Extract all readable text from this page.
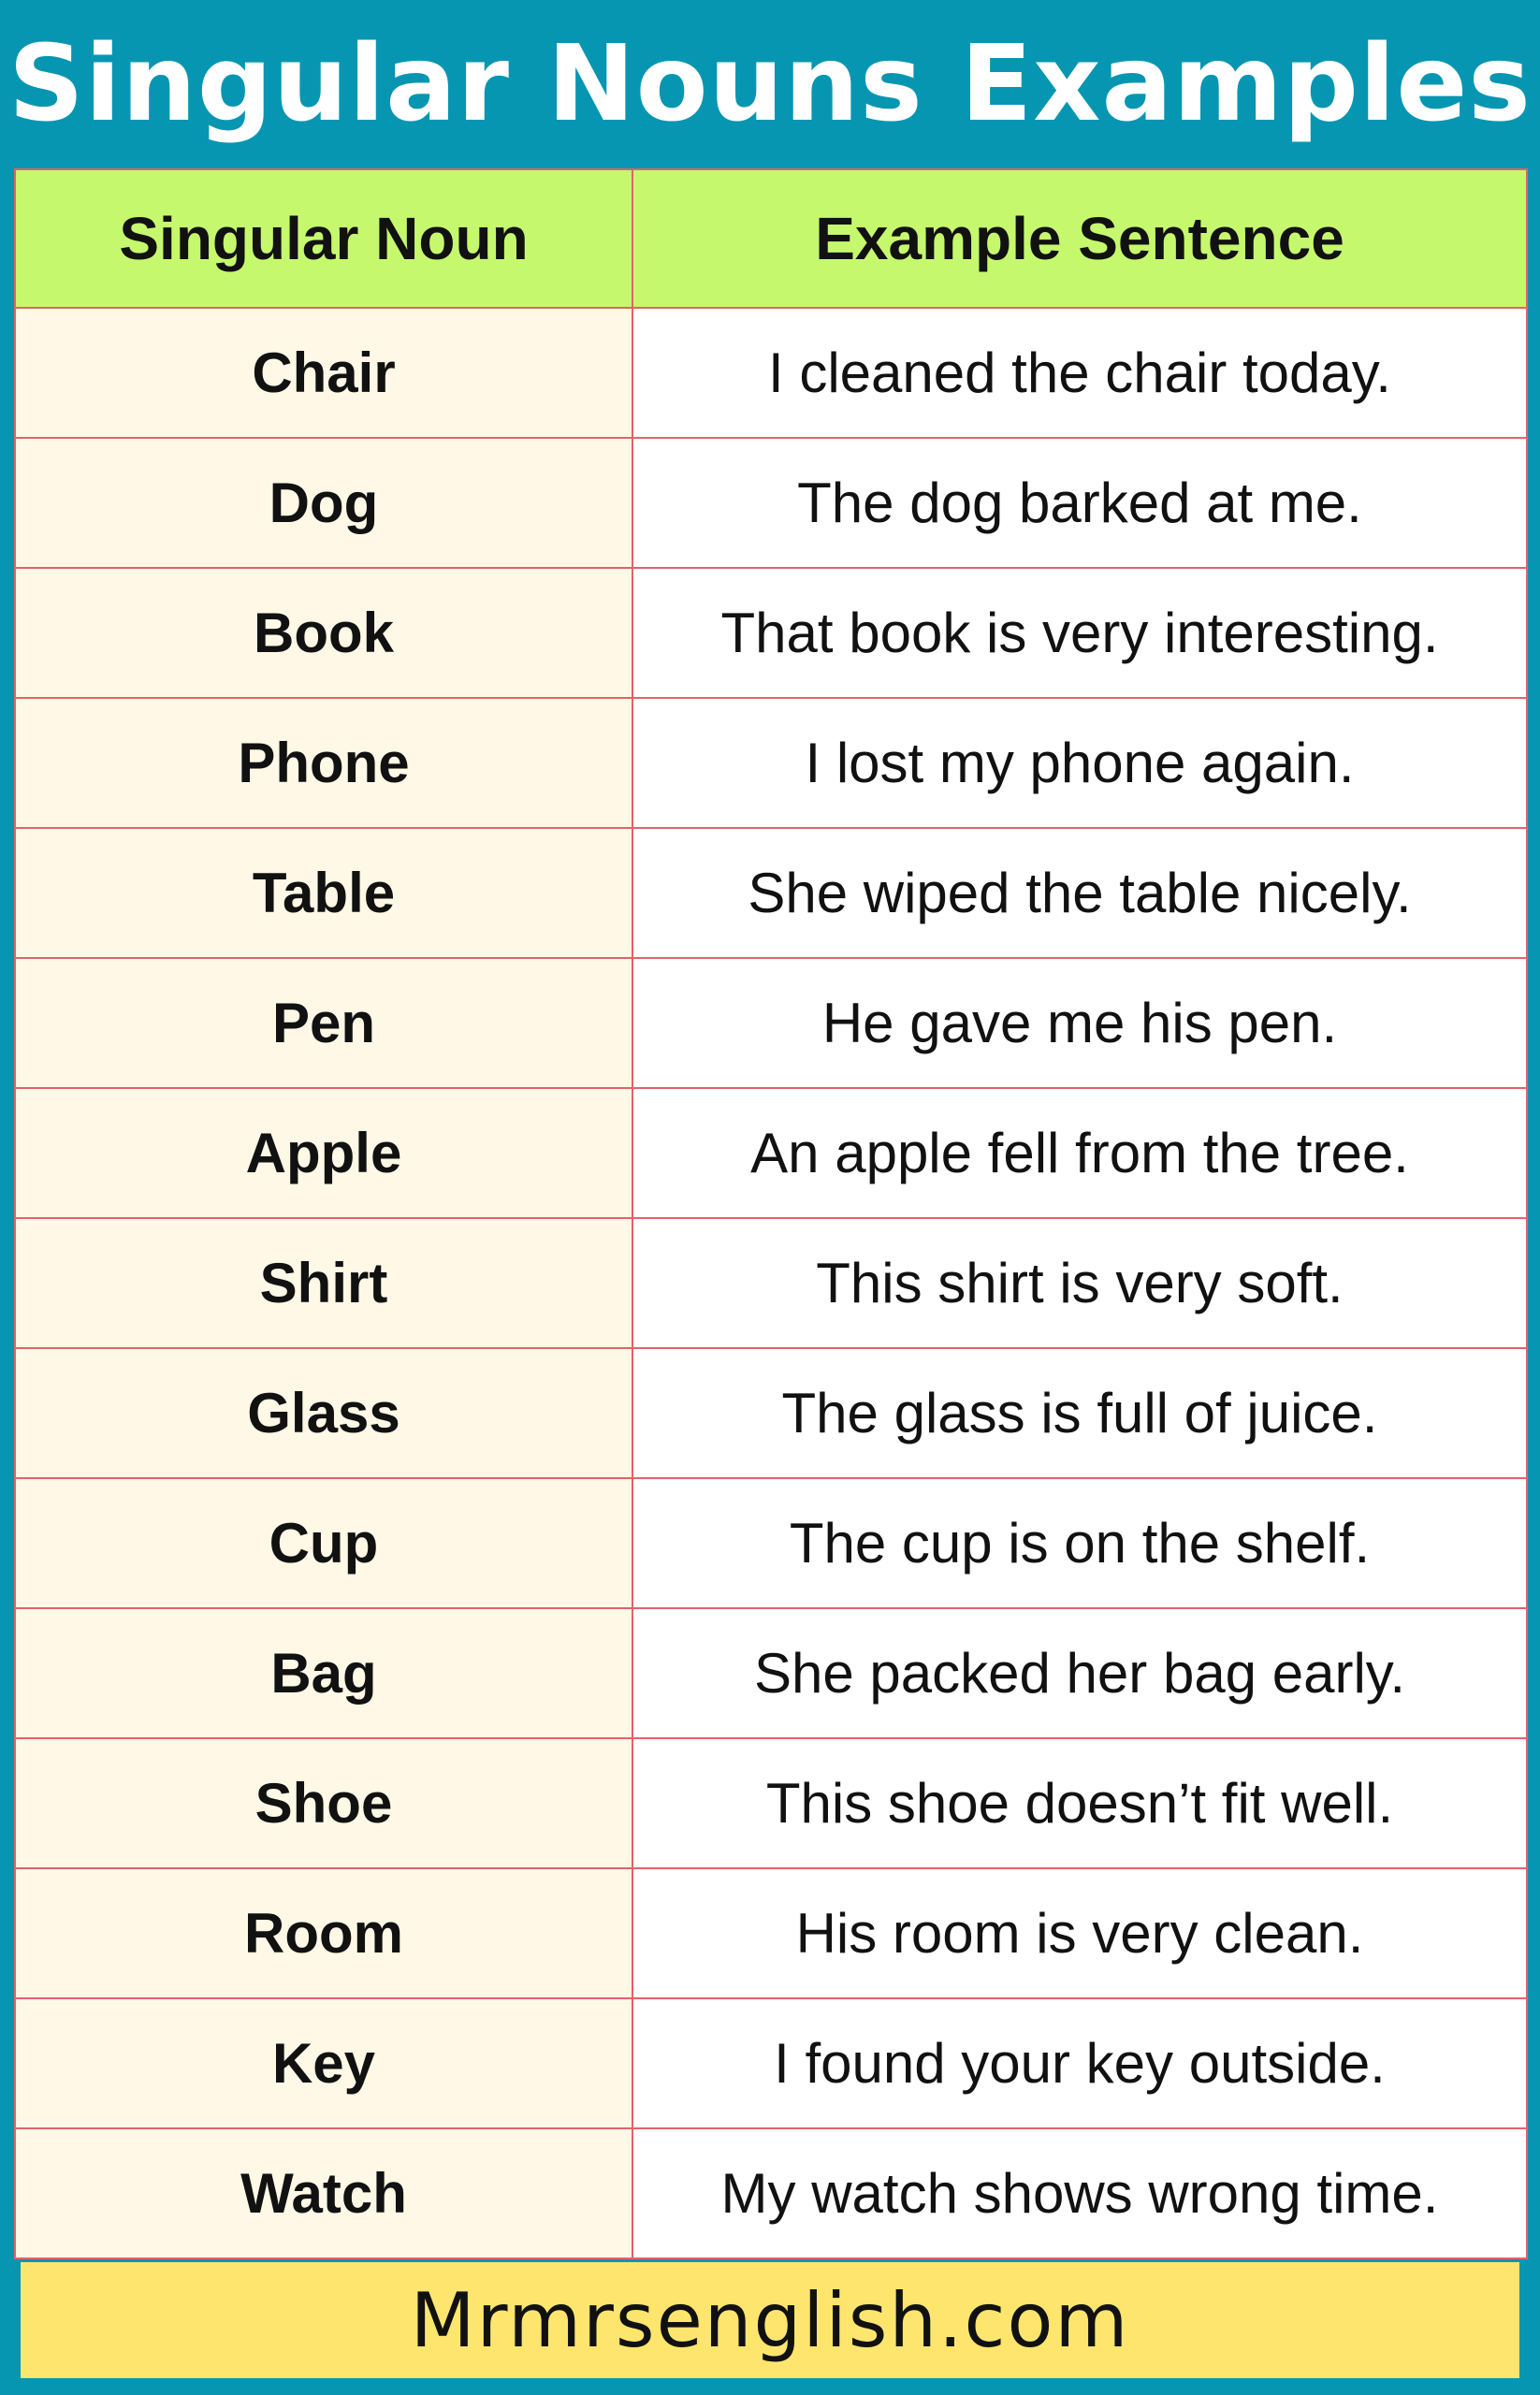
Singular Nouns Examples
Singular Noun	Example Sentence
Chair	I cleaned the chair today.
Dog	The dog barked at me.
Book	That book is very interesting.
Phone	I lost my phone again.
Table	She wiped the table nicely.
Pen	He gave me his pen.
Apple	An apple fell from the tree.
Shirt	This shirt is very soft.
Glass	The glass is full of juice.
Cup	The cup is on the shelf.
Bag	She packed her bag early.
Shoe	This shoe doesn’t fit well.
Room	His room is very clean.
Key	I found your key outside.
Watch	My watch shows wrong time.
Mrmrsenglish.com
